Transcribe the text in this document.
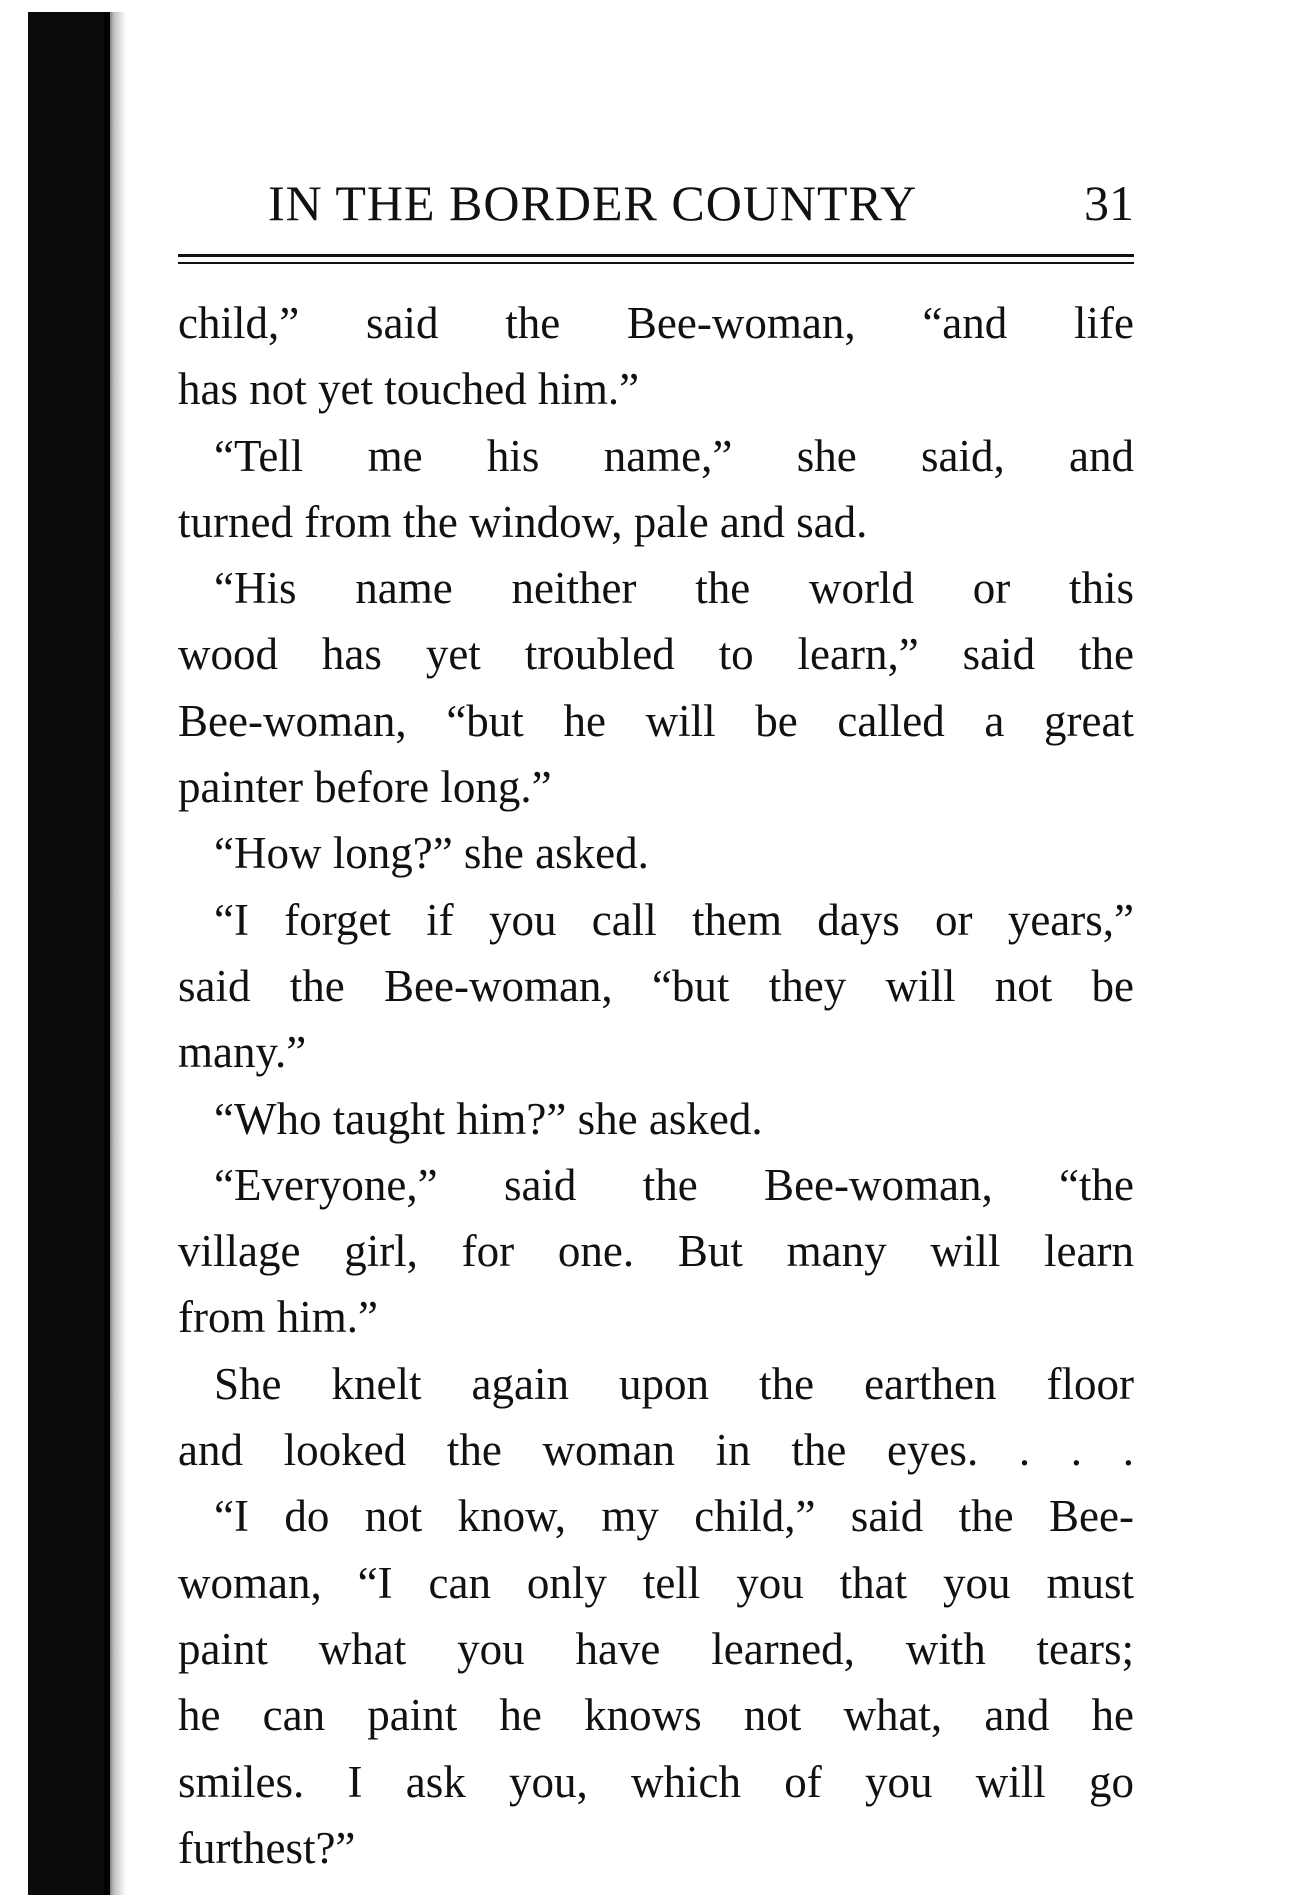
IN THE BORDER COUNTRY	31
child,” said the Bee-woman, “and life
has not yet touched him.”
“Tell me his name,” she said, and
turned from the window, pale and sad.
“His name neither the world or this
wood has yet troubled to learn,” said the
Bee-woman, “but he will be called a great
painter before long.”
“How long?” she asked.
“I forget if you call them days or years,”
said the Bee-woman, “but they will not be
many.”
“Who taught him?” she asked.
“Everyone,” said the Bee-woman, “the
village girl, for one. But many will learn
from him.”
She knelt again upon the earthen floor
and looked the woman in the eyes. . . .
“I do not know, my child,” said the Bee-
woman, “I can only tell you that you must
paint what you have learned, with tears;
he can paint he knows not what, and he
smiles. I ask you, which of you will go
furthest?”
